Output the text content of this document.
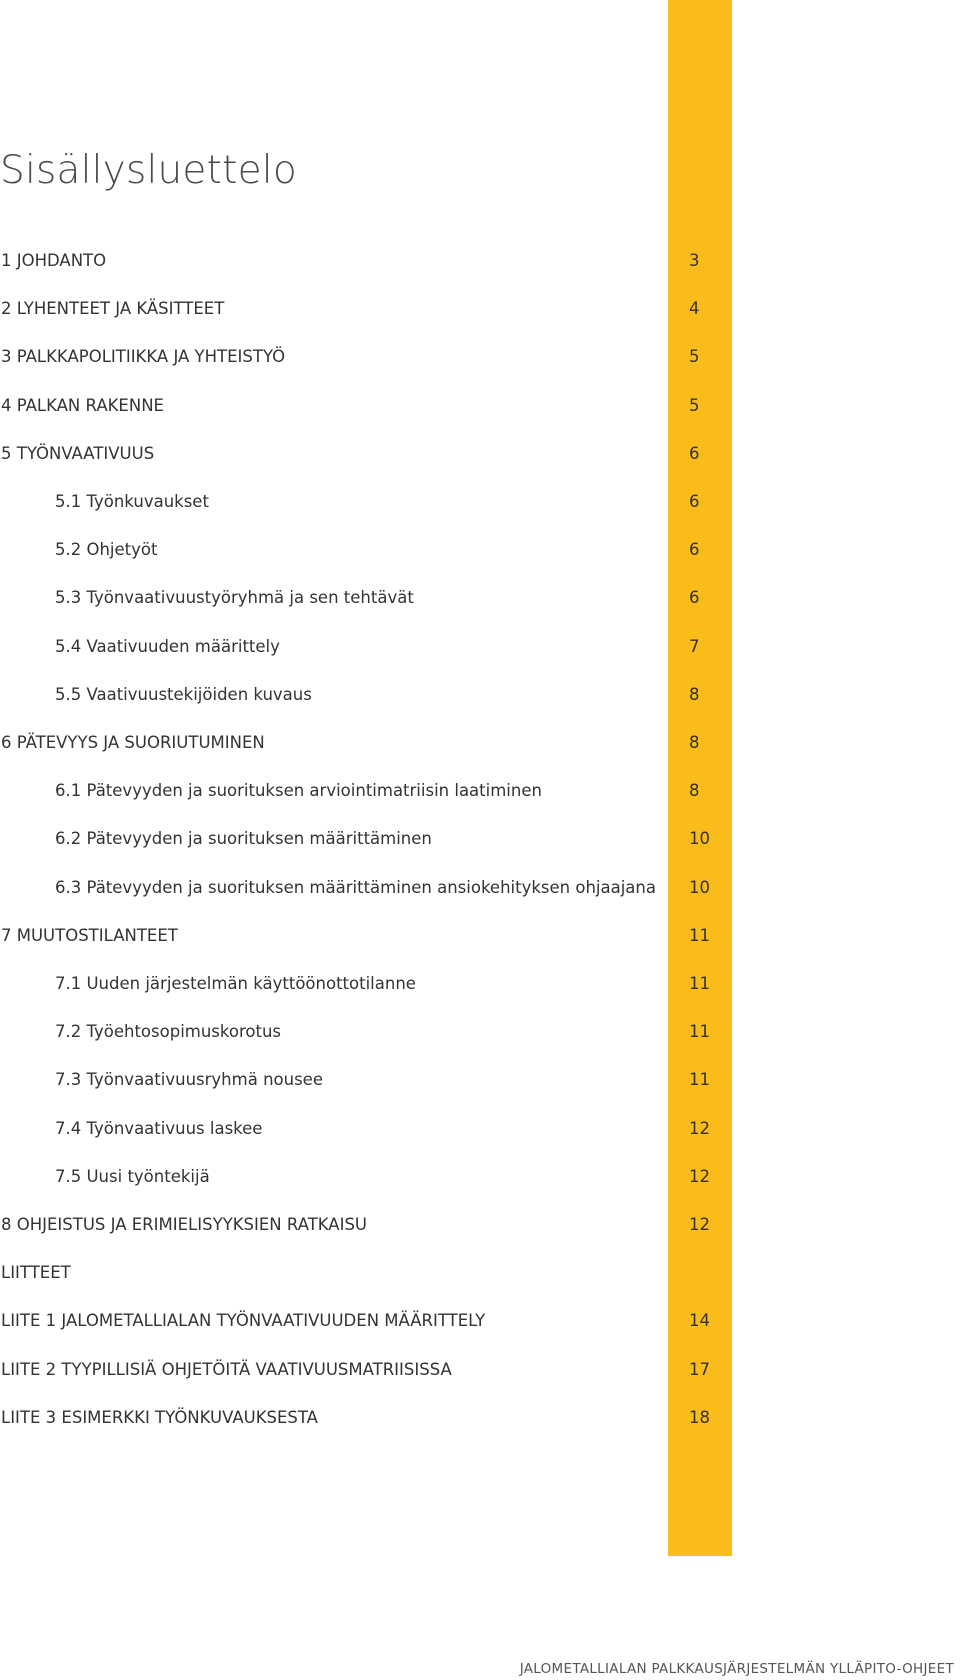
Sisällysluettelo
1 JOHDANTO	3
2 LYHENTEET JA KÄSITTEET	4
3 PALKKAPOLITIIKKA JA YHTEISTYÖ	5
4 PALKAN RAKENNE	5
5 TYÖNVAATIVUUS	6
5.1 Työnkuvaukset	6
5.2 Ohjetyöt	6
5.3 Työnvaativuustyöryhmä ja sen tehtävät	6
5.4 Vaativuuden määrittely	7
5.5 Vaativuustekijöiden kuvaus	8
6 PÄTEVYYS JA SUORIUTUMINEN	8
6.1 Pätevyyden ja suorituksen arviointimatriisin laatiminen	8
6.2 Pätevyyden ja suorituksen määrittäminen	10
6.3 Pätevyyden ja suorituksen määrittäminen ansiokehityksen ohjaajana 10
7 MUUTOSTILANTEET	11
7.1 Uuden järjestelmän käyttöönottotilanne	11
7.2 Työehtosopimuskorotus	11
7.3 Työnvaativuusryhmä nousee	11
7.4 Työnvaativuus laskee	12
7.5 Uusi työntekijä	12
8 OHJEISTUS JA ERIMIELISYYKSIEN RATKAISU	12
LIITTEET
LIITE 1 JALOMETALLIALAN TYÖNVAATIVUUDEN MÄÄRITTELY	14
LIITE 2 TYYPILLISIÄ OHJETÖITÄ VAATIVUUSMATRIISISSA	17
LIITE 3 ESIMERKKI TYÖNKUVAUKSESTA	18
JALOMETALLIALAN PALKKAUSJÄRJESTELMÄN YLLÄPITO-OHJEET
